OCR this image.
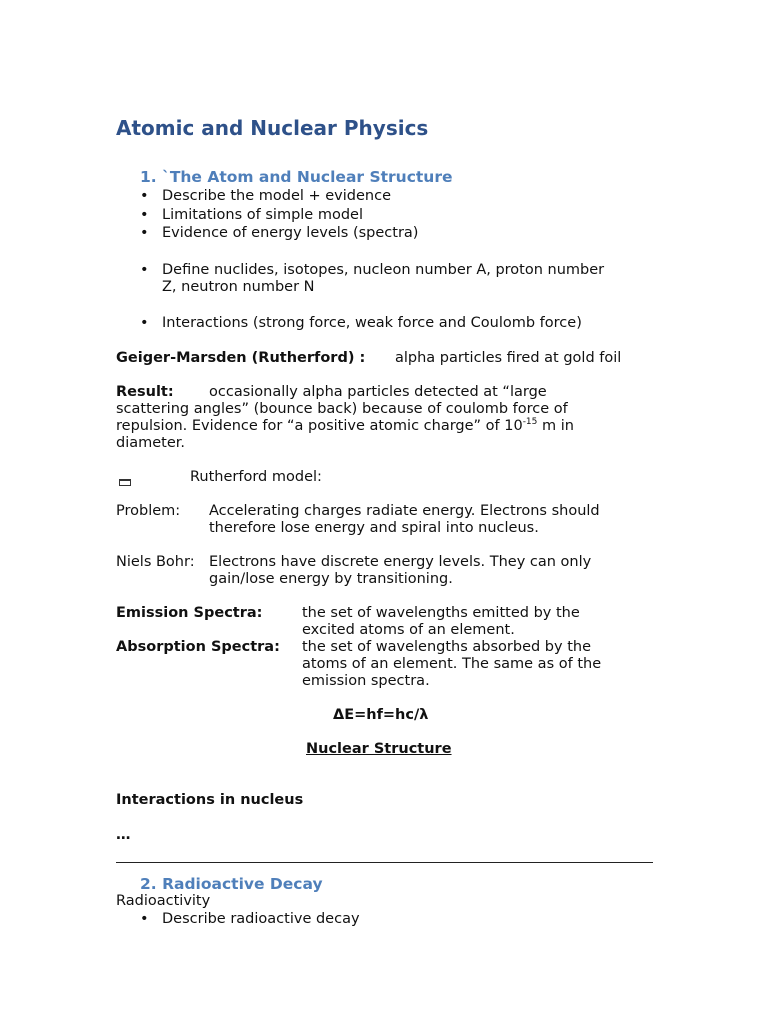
Atomic and Nuclear Physics
1. `The Atom and Nuclear Structure
• Describe the model + evidence
• Limitations of simple model
• Evidence of energy levels (spectra)
• Define nuclides, isotopes, nucleon number A, proton number
Z, neutron number N
• Interactions (strong force, weak force and Coulomb force)
Geiger-Marsden (Rutherford) : alpha particles fired at gold foil
Result: occasionally alpha particles detected at “large
scattering angles” (bounce back) because of coulomb force of
repulsion. Evidence for “a positive atomic charge” of $10^{-15}$ m in
diameter.
Rutherford model:
Problem: Accelerating charges radiate energy. Electrons should
therefore lose energy and spiral into nucleus.
Niels Bohr: Electrons have discrete energy levels. They can only
gain/lose energy by transitioning.
Emission Spectra:	the set of wavelengths emitted by the
excited atoms of an element.
Absorption Spectra: the set of wavelengths absorbed by the
atoms of an element. The same as of the
emission spectra.
ΔE=hf=hc/λ
Nuclear Structure
Interactions in nucleus
…
2. Radioactive Decay
Radioactivity
• Describe radioactive decay
